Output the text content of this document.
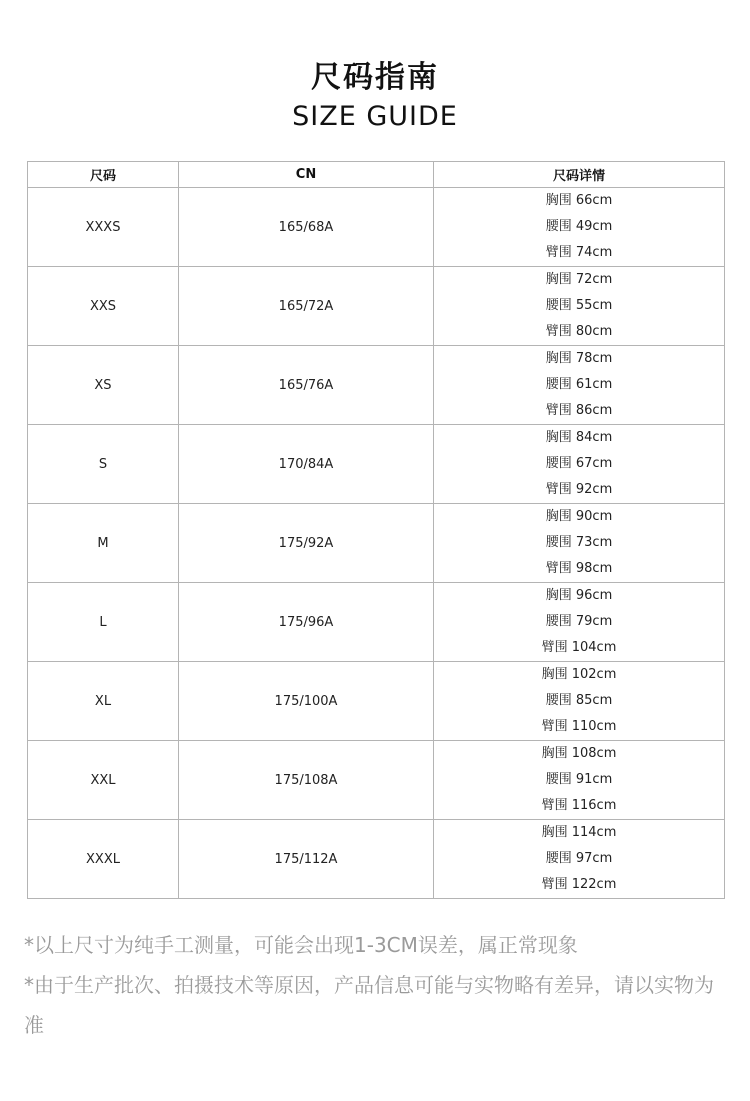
尺码指南
SIZE GUIDE
尺码	CN	尺码详情
XXXS	165/68A	胸围 66cm
腰围 49cm
臂围 74cm

XXS	165/72A	胸围 72cm
腰围 55cm
臂围 80cm

XS	165/76A	胸围 78cm
腰围 61cm
臂围 86cm

S	170/84A	胸围 84cm
腰围 67cm
臂围 92cm

M	175/92A	胸围 90cm
腰围 73cm
臂围 98cm

L	175/96A	胸围 96cm
腰围 79cm
臂围 104cm

XL	175/100A	胸围 102cm
腰围 85cm
臂围 110cm

XXL	175/108A	胸围 108cm
腰围 91cm
臂围 116cm

XXXL	175/112A	胸围 114cm
腰围 97cm
臂围 122cm

*以上尺寸为纯手工测量，可能会出现1-3CM误差，属正常现象

*由于生产批次、拍摄技术等原因，产品信息可能与实物略有差异，请以实物为准
